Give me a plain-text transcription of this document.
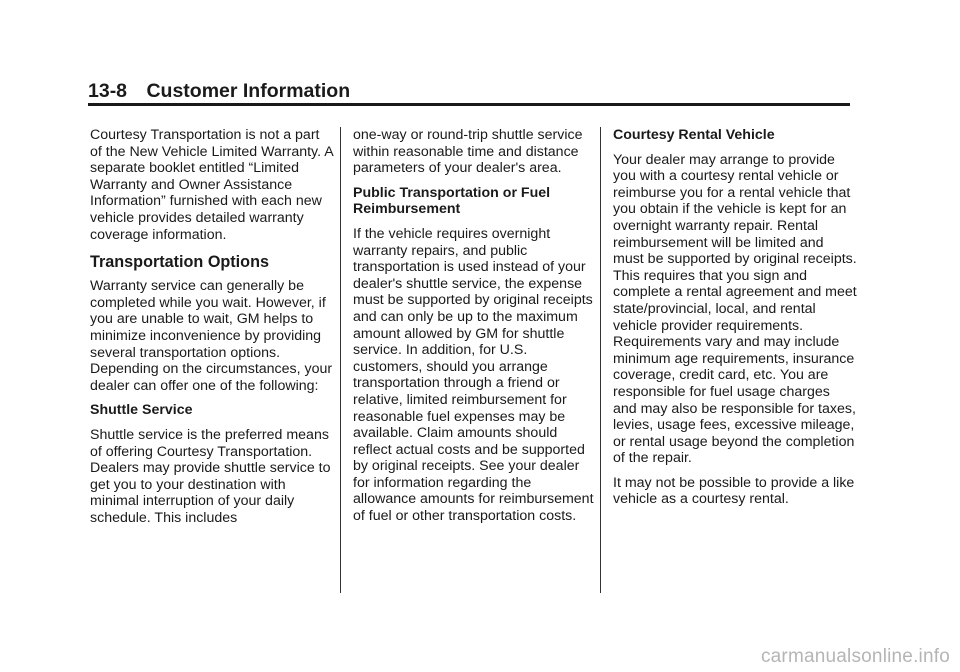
13-8 Customer Information

Courtesy Transportation is not a part of the New Vehicle Limited Warranty. A separate booklet entitled “Limited Warranty and Owner Assistance Information” furnished with each new vehicle provides detailed warranty coverage information.

Transportation Options

Warranty service can generally be completed while you wait. However, if you are unable to wait, GM helps to minimize inconvenience by providing several transportation options. Depending on the circumstances, your dealer can offer one of the following:

Shuttle Service

Shuttle service is the preferred means of offering Courtesy Transportation. Dealers may provide shuttle service to get you to your destination with minimal interruption of your daily schedule. This includes

one-way or round-trip shuttle service within reasonable time and distance parameters of your dealer's area.

Public Transportation or Fuel Reimbursement

If the vehicle requires overnight warranty repairs, and public transportation is used instead of your dealer's shuttle service, the expense must be supported by original receipts and can only be up to the maximum amount allowed by GM for shuttle service. In addition, for U.S. customers, should you arrange transportation through a friend or relative, limited reimbursement for reasonable fuel expenses may be available. Claim amounts should reflect actual costs and be supported by original receipts. See your dealer for information regarding the allowance amounts for reimbursement of fuel or other transportation costs.

Courtesy Rental Vehicle

Your dealer may arrange to provide you with a courtesy rental vehicle or reimburse you for a rental vehicle that you obtain if the vehicle is kept for an overnight warranty repair. Rental reimbursement will be limited and must be supported by original receipts. This requires that you sign and complete a rental agreement and meet state/provincial, local, and rental vehicle provider requirements. Requirements vary and may include minimum age requirements, insurance coverage, credit card, etc. You are responsible for fuel usage charges and may also be responsible for taxes, levies, usage fees, excessive mileage, or rental usage beyond the completion of the repair.

It may not be possible to provide a like vehicle as a courtesy rental.

carmanualsonline.info
